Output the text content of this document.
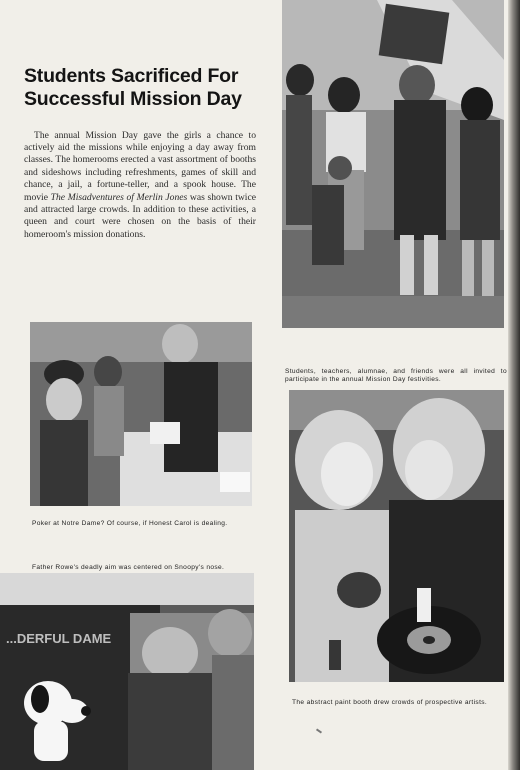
Students Sacrificed For Successful Mission Day

The annual Mission Day gave the girls a chance to actively aid the missions while enjoying a day away from classes. The homerooms erected a vast assortment of booths and sideshows including refreshments, games of skill and chance, a jail, a fortune-teller, and a spook house. The movie The Misadventures of Merlin Jones was shown twice and attracted large crowds. In addition to these activities, a queen and court were chosen on the basis of their homeroom's mission donations.

Students, teachers, alumnae, and friends were all invited to participate in the annual Mission Day festivities.

Poker at Notre Dame? Of course, if Honest Carol is dealing.

Father Rowe's deadly aim was centered on Snoopy's nose.

...DERFUL DAME

The abstract paint booth drew crowds of prospective artists.
